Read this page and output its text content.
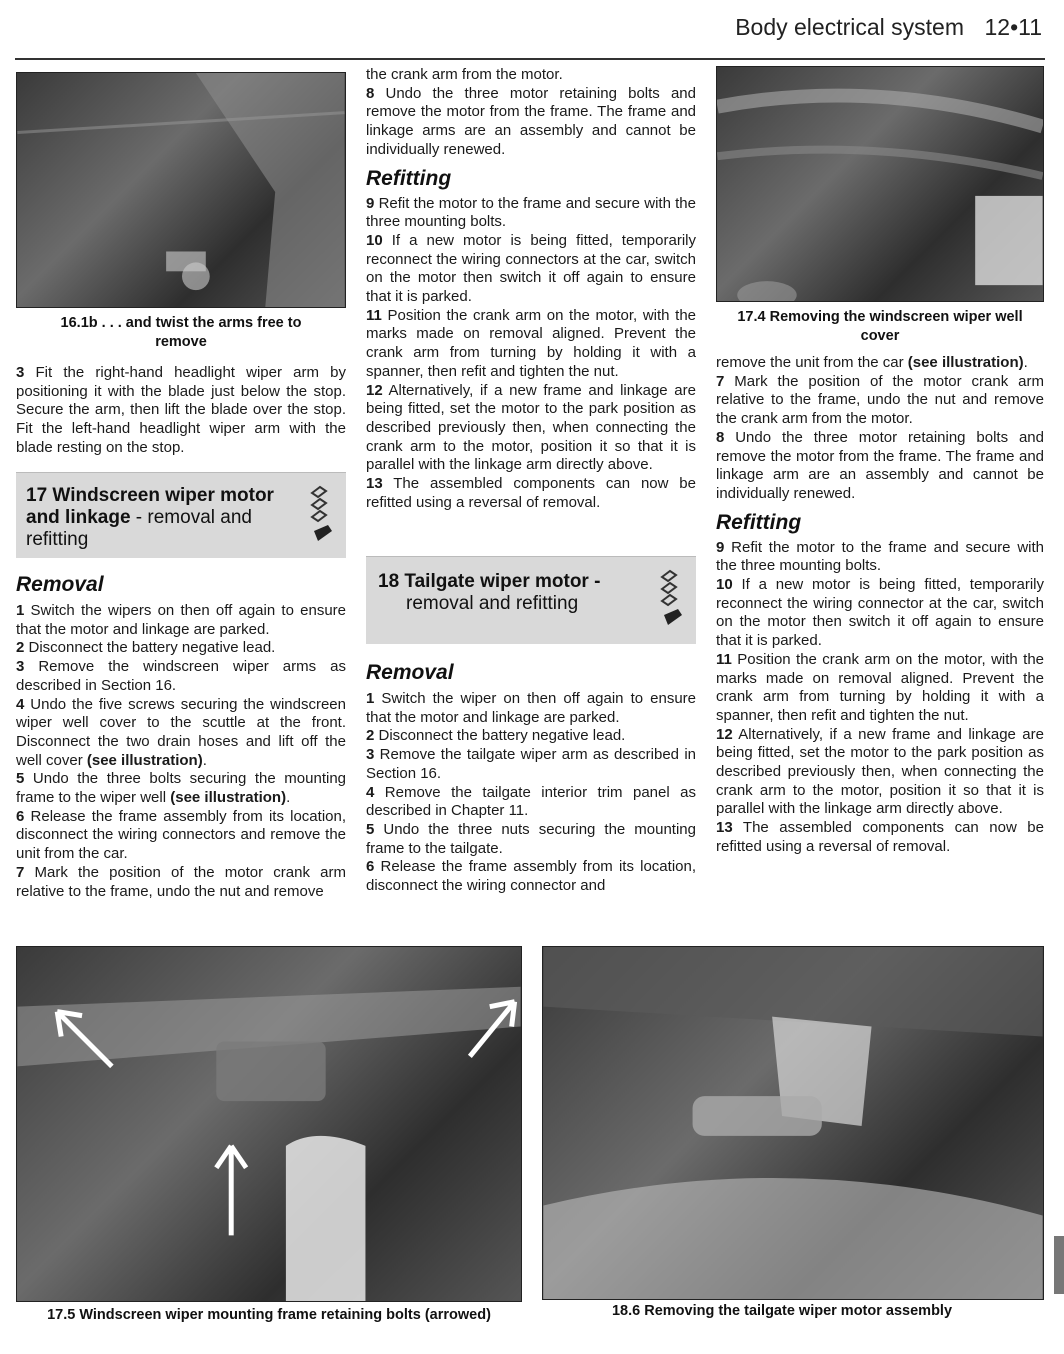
Body electrical system 12•11
16.1b . . . and twist the arms free to remove

3 Fit the right-hand headlight wiper arm by positioning it with the blade just below the stop. Secure the arm, then lift the blade over the stop. Fit the left-hand headlight wiper arm with the blade resting on the stop.

17 Windscreen wiper motor and linkage - removal and refitting
Removal

1 Switch the wipers on then off again to ensure that the motor and linkage are parked.

2 Disconnect the battery negative lead.

3 Remove the windscreen wiper arms as described in Section 16.

4 Undo the five screws securing the windscreen wiper well cover to the scuttle at the front. Disconnect the two drain hoses and lift off the well cover (see illustration).

5 Undo the three bolts securing the mounting frame to the wiper well (see illustration).

6 Release the frame assembly from its location, disconnect the wiring connectors and remove the unit from the car.

7 Mark the position of the motor crank arm relative to the frame, undo the nut and remove

the crank arm from the motor.

8 Undo the three motor retaining bolts and remove the motor from the frame. The frame and linkage arms are an assembly and cannot be individually renewed.

Refitting

9 Refit the motor to the frame and secure with the three mounting bolts.

10 If a new motor is being fitted, temporarily reconnect the wiring connectors at the car, switch on the motor then switch it off again to ensure that it is parked.

11 Position the crank arm on the motor, with the marks made on removal aligned. Prevent the crank arm from turning by holding it with a spanner, then refit and tighten the nut.

12 Alternatively, if a new frame and linkage are being fitted, set the motor to the park position as described previously then, when connecting the crank arm to the motor, position it so that it is parallel with the linkage arm directly above.

13 The assembled components can now be refitted using a reversal of removal.

18 Tailgate wiper motor -
removal and refitting
Removal

1 Switch the wiper on then off again to ensure that the motor and linkage are parked.

2 Disconnect the battery negative lead.

3 Remove the tailgate wiper arm as described in Section 16.

4 Remove the tailgate interior trim panel as described in Chapter 11.

5 Undo the three nuts securing the mounting frame to the tailgate.

6 Release the frame assembly from its location, disconnect the wiring connector and

17.4 Removing the windscreen wiper well cover

remove the unit from the car (see illustration).

7 Mark the position of the motor crank arm relative to the frame, undo the nut and remove the crank arm from the motor.

8 Undo the three motor retaining bolts and remove the motor from the frame. The frame and linkage arm are an assembly and cannot be individually renewed.

Refitting

9 Refit the motor to the frame and secure with the three mounting bolts.

10 If a new motor is being fitted, temporarily reconnect the wiring connector at the car, switch on the motor then switch it off again to ensure that it is parked.

11 Position the crank arm on the motor, with the marks made on removal aligned. Prevent the crank arm from turning by holding it with a spanner, then refit and tighten the nut.

12 Alternatively, if a new frame and linkage are being fitted, set the motor to the park position as described previously then, when connecting the crank arm to the motor, position it so that it is parallel with the linkage arm directly above.

13 The assembled components can now be refitted using a reversal of removal.

17.5 Windscreen wiper mounting frame retaining bolts (arrowed)	18.6 Removing the tailgate wiper motor assembly
